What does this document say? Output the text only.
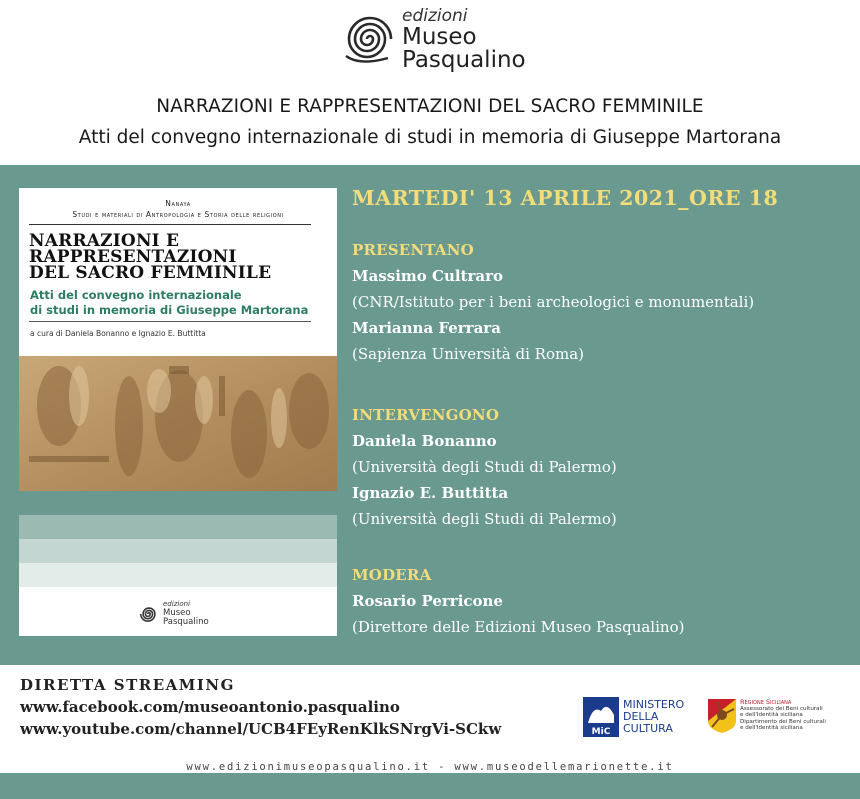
edizioni
Museo
Pasqualino
NARRAZIONI E RAPPRESENTAZIONI DEL SACRO FEMMINILE
Atti del convegno internazionale di studi in memoria di Giuseppe Martorana
Nanaya
Studi e materiali di Antropologia e Storia delle religioni
NARRAZIONI E
RAPPRESENTAZIONI
DEL SACRO FEMMINILE
Atti del convegno internazionale
di studi in memoria di Giuseppe Martorana
a cura di Daniela Bonanno e Ignazio E. Buttitta
edizioni
Museo
Pasqualino
MARTEDI' 13 APRILE 2021_ORE 18
PRESENTANO
Massimo Cultraro
(CNR/Istituto per i beni archeologici e monumentali)
Marianna Ferrara
(Sapienza Università di Roma)
INTERVENGONO
Daniela Bonanno
(Università degli Studi di Palermo)
Ignazio E. Buttitta
(Università degli Studi di Palermo)
MODERA
Rosario Perricone
(Direttore delle Edizioni Museo Pasqualino)
DIRETTA STREAMING
www.facebook.com/museoantonio.pasqualino
www.youtube.com/channel/UCB4FEyRenKlkSNrgVi-SCkw	MiC
MINISTERO
DELLA
CULTURA
Regione Siciliana
Assessorato dei Beni culturali
e dell'Identità siciliana
Dipartimento dei Beni culturali
e dell'Identità siciliana
www.edizionimuseopasqualino.it - www.museodellemarionette.it
